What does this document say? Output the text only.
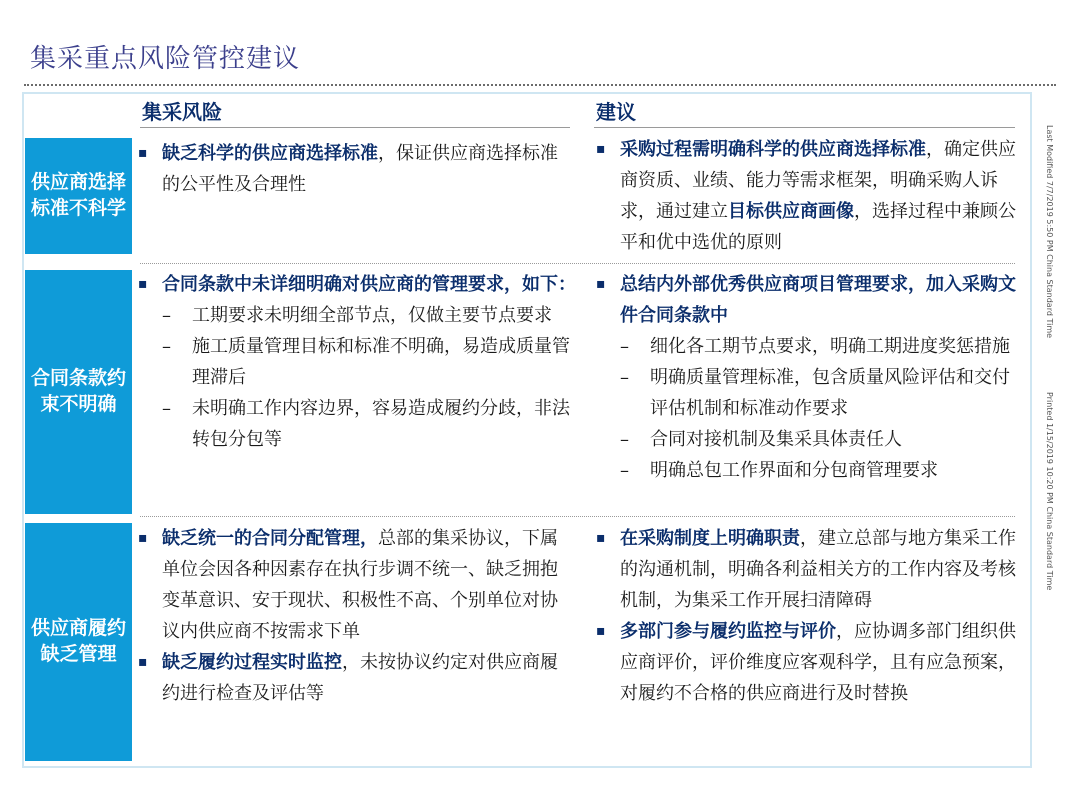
集采重点风险管控建议
集采风险	建议
供应商选择
标准不科学
▪ 缺乏科学的供应商选择标准，保证供应商选择标准的公平性及合理性
▪ 采购过程需明确科学的供应商选择标准，确定供应商资质、业绩、能力等需求框架，明确采购人诉求，通过建立目标供应商画像，选择过程中兼顾公平和优中选优的原则
合同条款约
束不明确
▪ 合同条款中未详细明确对供应商的管理要求，如下：
– 工期要求未明细全部节点，仅做主要节点要求
– 施工质量管理目标和标准不明确，易造成质量管理滞后
– 未明确工作内容边界，容易造成履约分歧，非法转包分包等
▪ 总结内外部优秀供应商项目管理要求，加入采购文件合同条款中
– 细化各工期节点要求，明确工期进度奖惩措施
– 明确质量管理标准，包含质量风险评估和交付评估机制和标准动作要求
– 合同对接机制及集采具体责任人
– 明确总包工作界面和分包商管理要求
供应商履约
缺乏管理
▪ 缺乏统一的合同分配管理，总部的集采协议，下属单位会因各种因素存在执行步调不统一、缺乏拥抱变革意识、安于现状、积极性不高、个别单位对协议内供应商不按需求下单
▪ 缺乏履约过程实时监控，未按协议约定对供应商履约进行检查及评估等
▪ 在采购制度上明确职责，建立总部与地方集采工作的沟通机制，明确各利益相关方的工作内容及考核机制，为集采工作开展扫清障碍
▪ 多部门参与履约监控与评价，应协调多部门组织供应商评价，评价维度应客观科学，且有应急预案，对履约不合格的供应商进行及时替换
Last Modified 7/7/2019 5:50 PM China Standard Time
Printed 1/15/2019 10:20 PM China Standard Time
